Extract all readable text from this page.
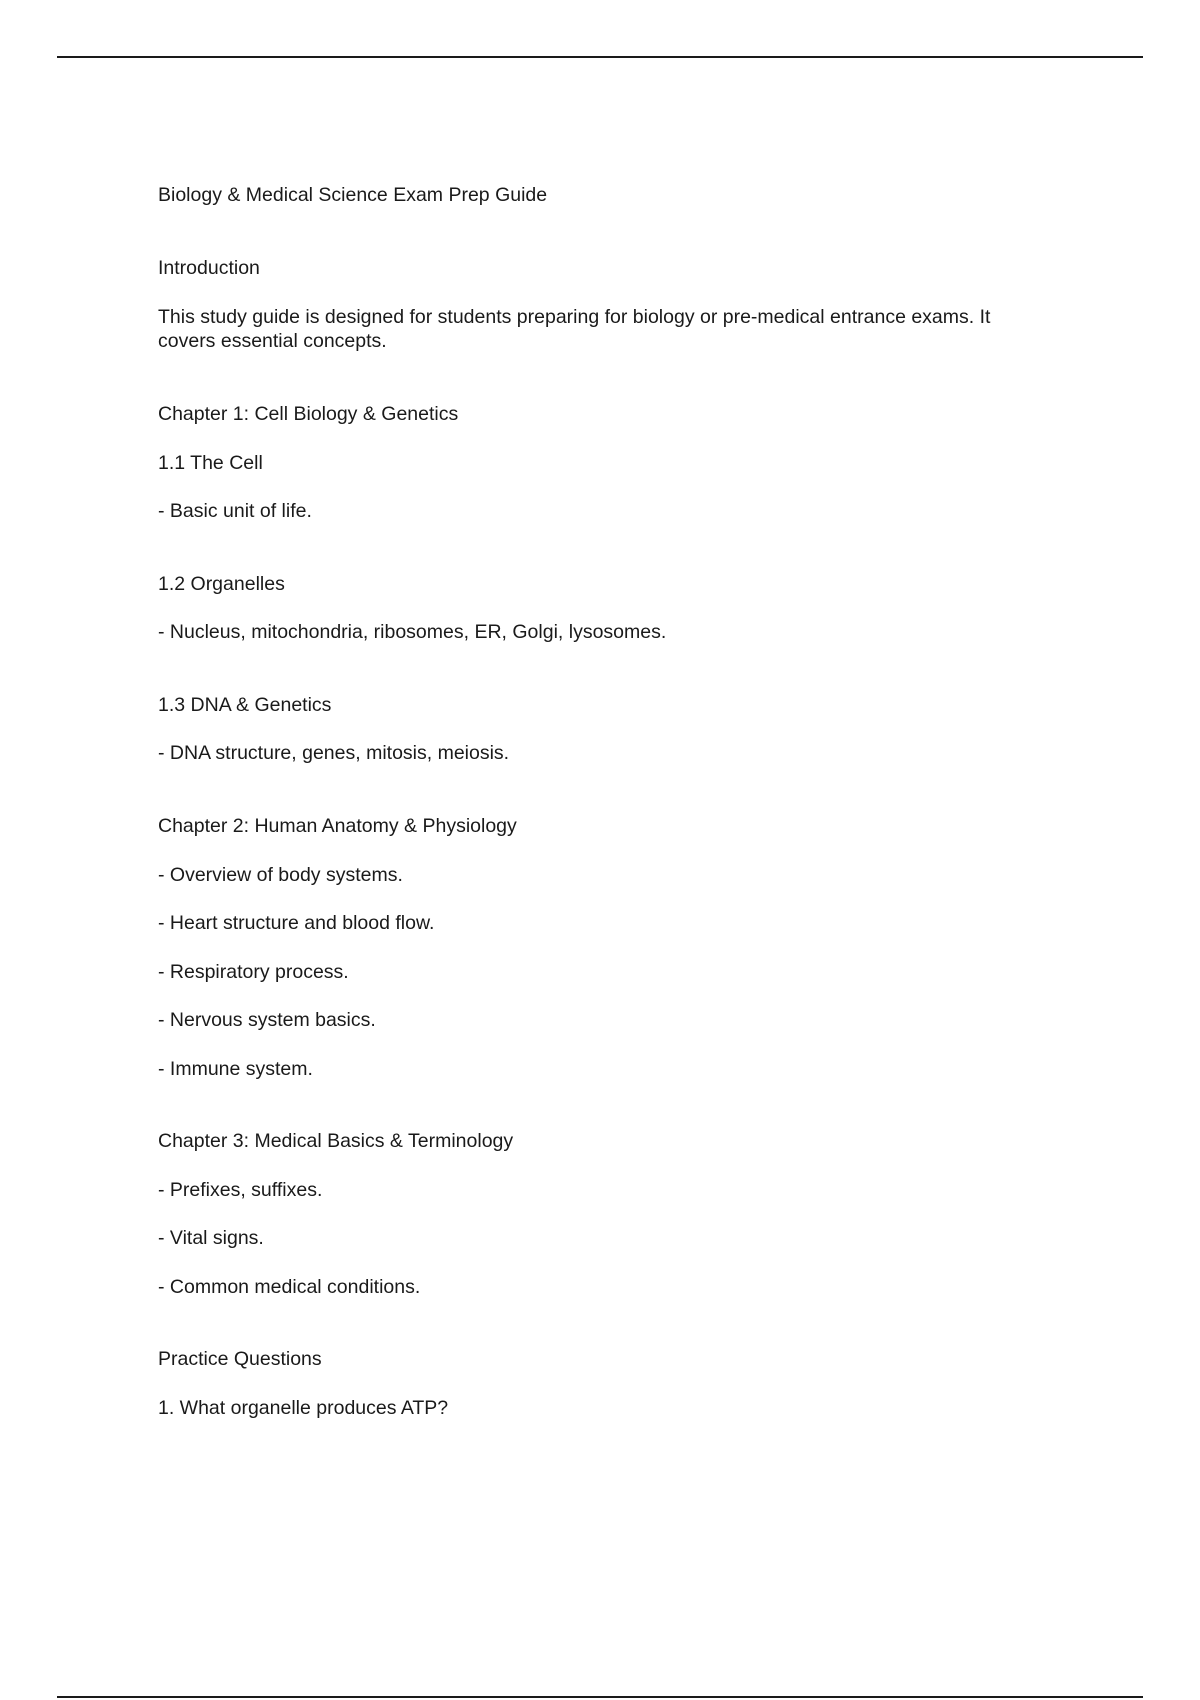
Biology & Medical Science Exam Prep Guide
Introduction
This study guide is designed for students preparing for biology or pre-medical entrance exams. It covers essential concepts.
Chapter 1: Cell Biology & Genetics
1.1 The Cell
- Basic unit of life.
1.2 Organelles
- Nucleus, mitochondria, ribosomes, ER, Golgi, lysosomes.
1.3 DNA & Genetics
- DNA structure, genes, mitosis, meiosis.
Chapter 2: Human Anatomy & Physiology
- Overview of body systems.
- Heart structure and blood flow.
- Respiratory process.
- Nervous system basics.
- Immune system.
Chapter 3: Medical Basics & Terminology
- Prefixes, suffixes.
- Vital signs.
- Common medical conditions.
Practice Questions
1. What organelle produces ATP?
